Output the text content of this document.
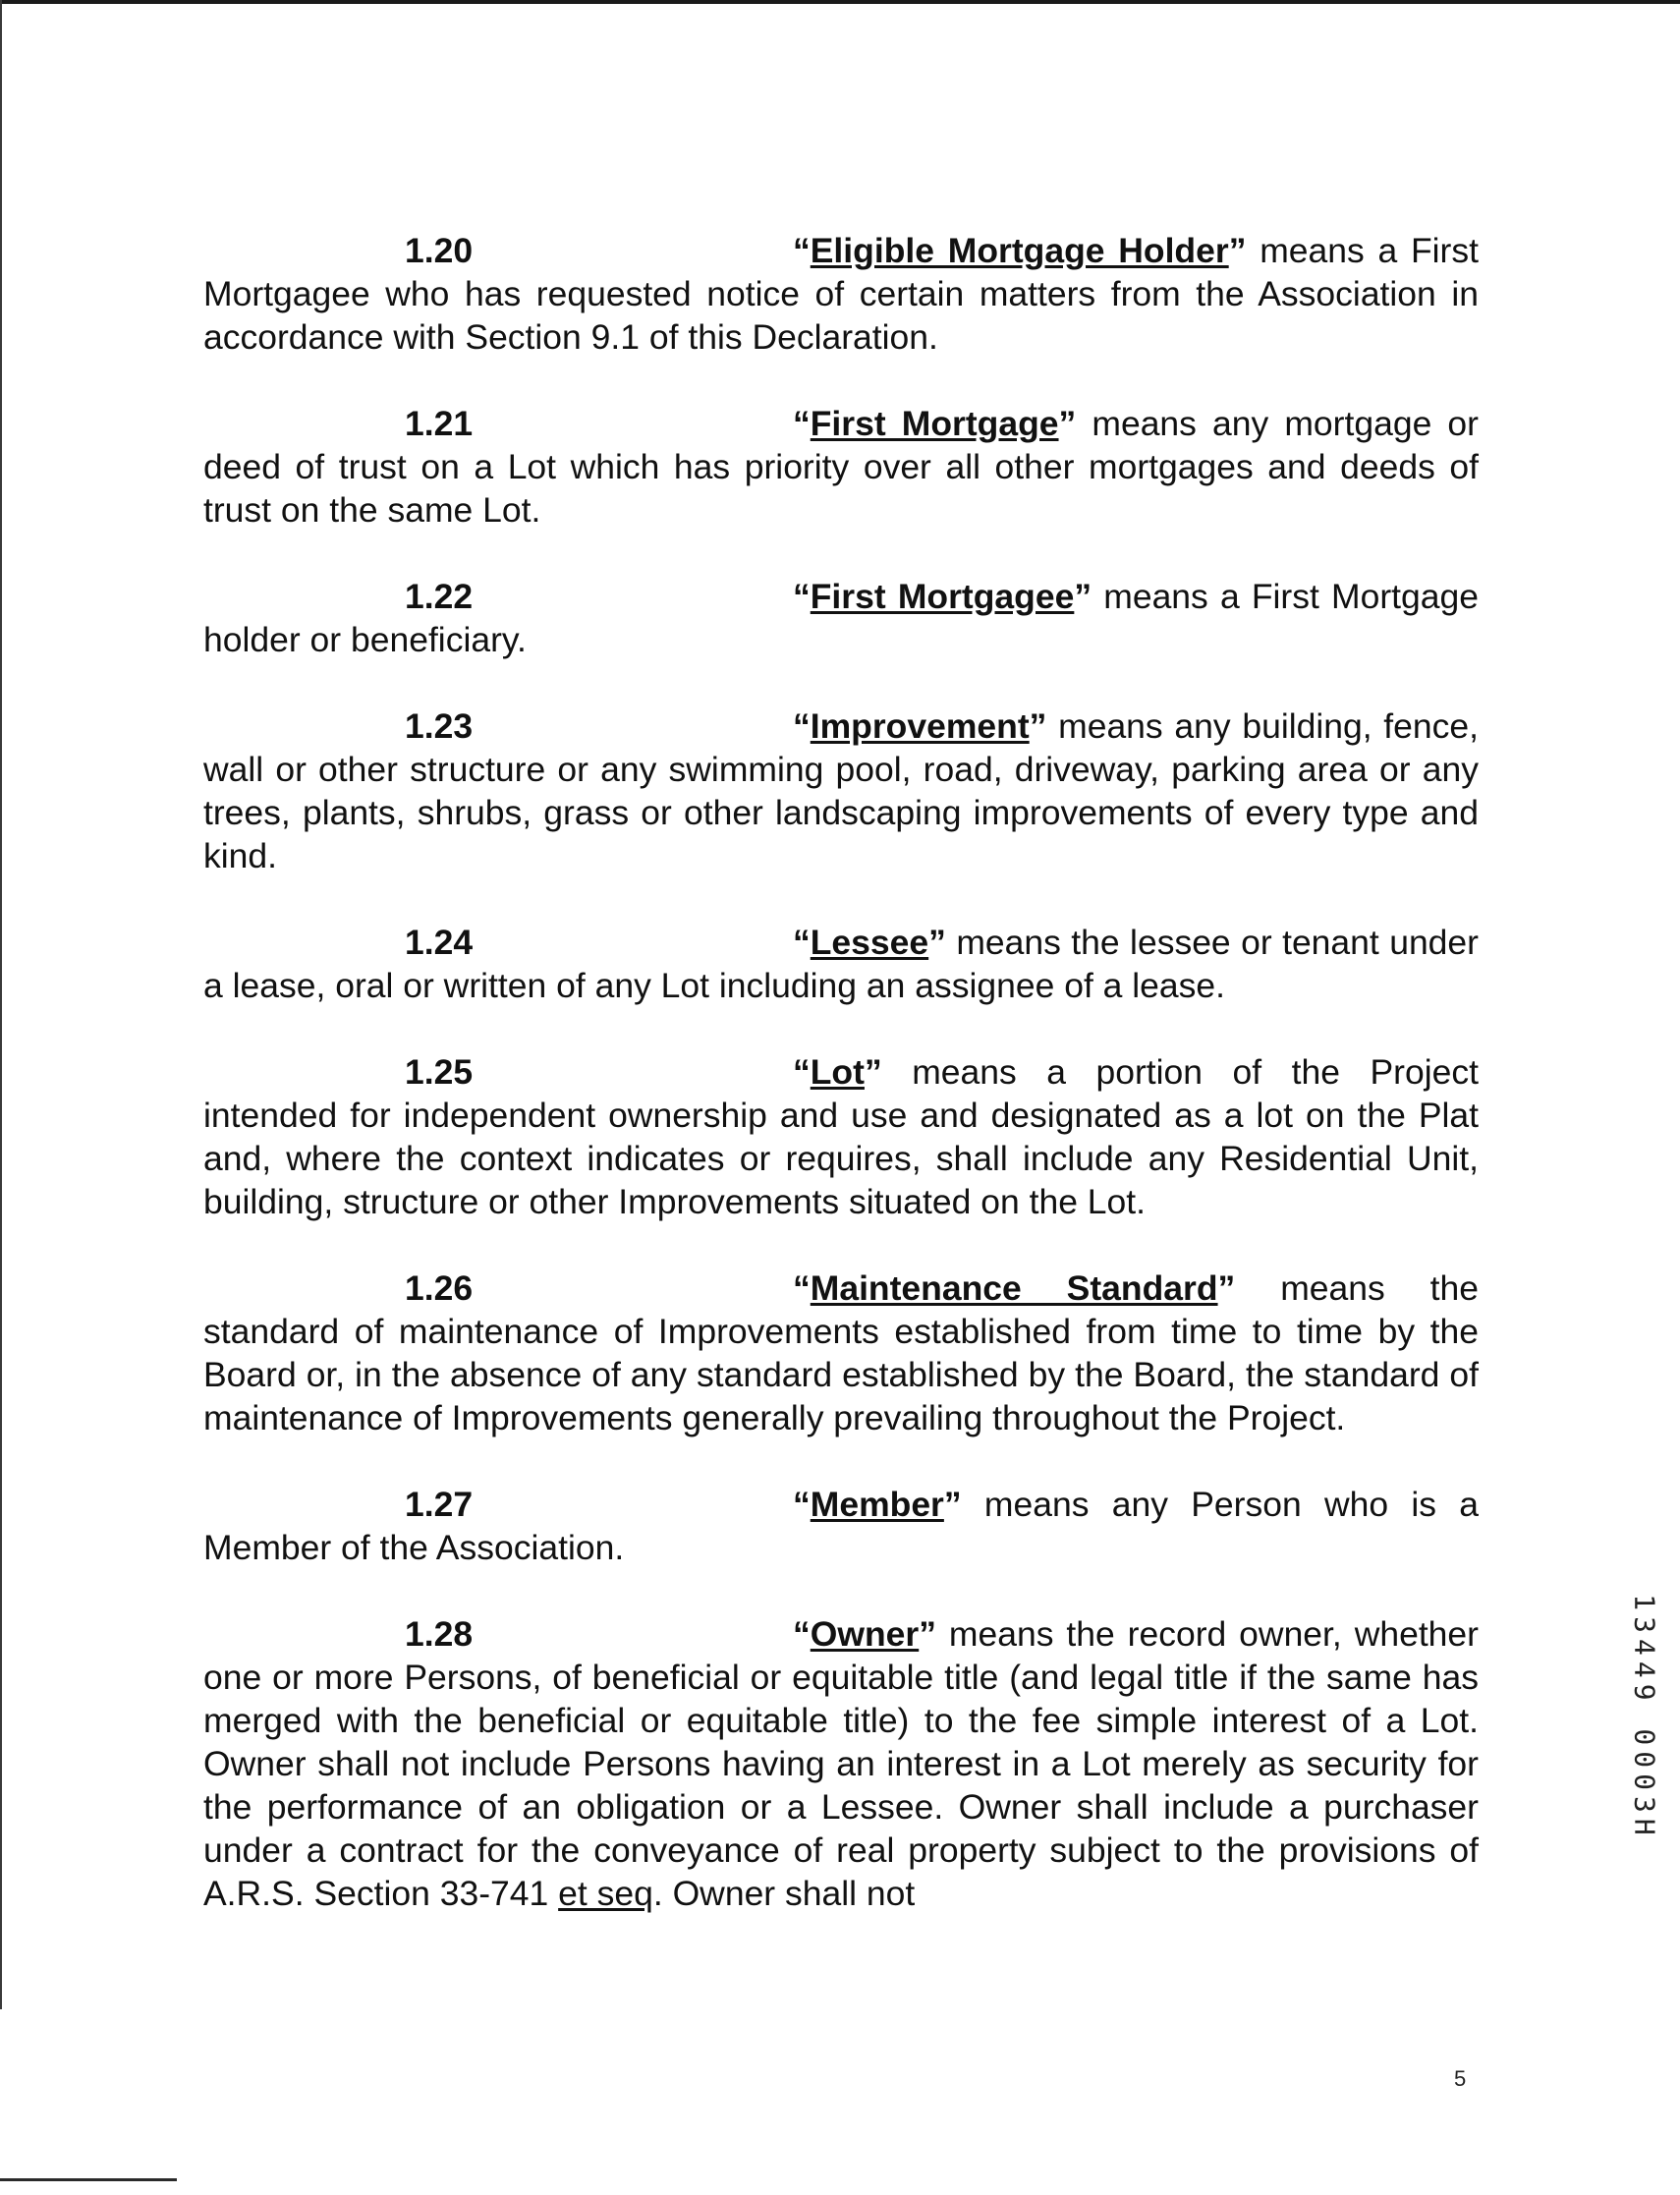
1.20	“Eligible Mortgage Holder” means a First Mortgagee who has requested notice of certain matters from the Association in accordance with Section 9.1 of this Declaration.

1.21	“First Mortgage” means any mortgage or deed of trust on a Lot which has priority over all other mortgages and deeds of trust on the same Lot.

1.22	“First Mortgagee” means a First Mortgage holder or beneficiary.

1.23	“Improvement” means any building, fence, wall or other structure or any swimming pool, road, driveway, parking area or any trees, plants, shrubs, grass or other landscaping improvements of every type and kind.

1.24	“Lessee” means the lessee or tenant under a lease, oral or written of any Lot including an assignee of a lease.

1.25	“Lot” means a portion of the Project intended for independent ownership and use and designated as a lot on the Plat and, where the context indicates or requires, shall include any Residential Unit, building, structure or other Improvements situated on the Lot.

1.26	“Maintenance Standard” means the standard of maintenance of Improvements established from time to time by the Board or, in the absence of any standard established by the Board, the standard of maintenance of Improvements generally prevailing throughout the Project.

1.27	“Member” means any Person who is a Member of the Association.

1.28	“Owner” means the record owner, whether one or more Persons, of beneficial or equitable title (and legal title if the same has merged with the beneficial or equitable title) to the fee simple interest of a Lot. Owner shall not include Persons having an interest in a Lot merely as security for the performance of an obligation or a Lessee. Owner shall include a purchaser under a contract for the conveyance of real property subject to the provisions of A.R.S. Section 33-741 et seq. Owner shall not

13449 0003H
5
